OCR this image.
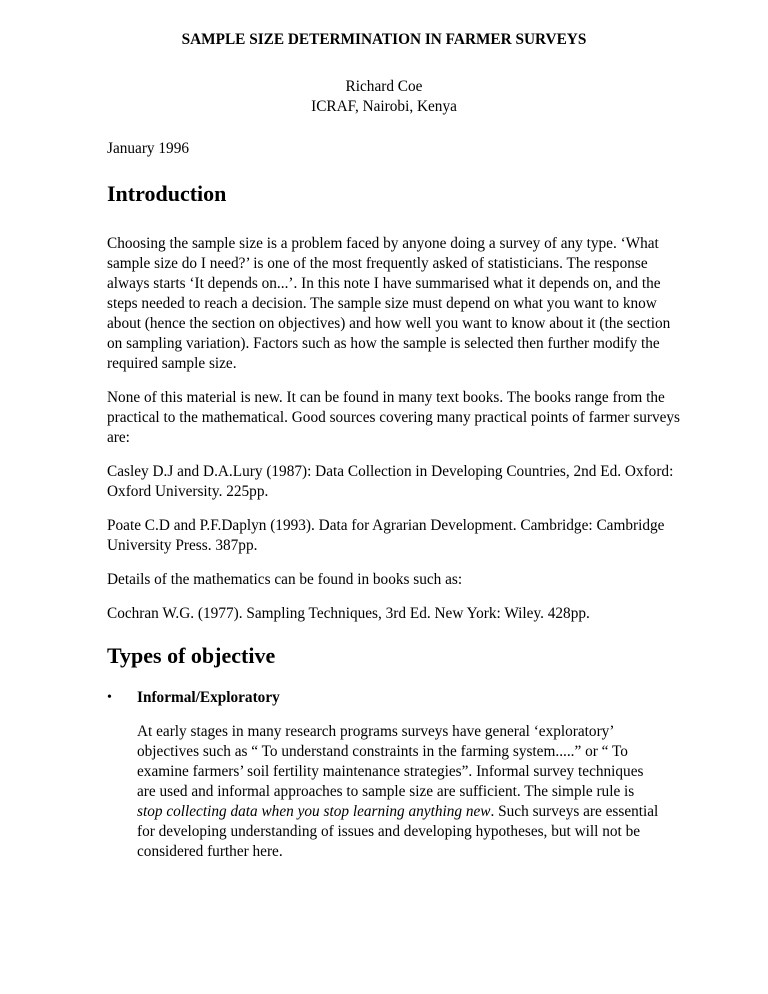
SAMPLE SIZE DETERMINATION IN FARMER SURVEYS
Richard Coe
ICRAF, Nairobi, Kenya
January 1996
Introduction
Choosing the sample size is a problem faced by anyone doing a survey of any type. ‘What
sample size do I need?’ is one of the most frequently asked of statisticians. The response
always starts ‘It depends on...’. In this note I have summarised what it depends on, and the
steps needed to reach a decision. The sample size must depend on what you want to know
about (hence the section on objectives) and how well you want to know about it (the section
on sampling variation). Factors such as how the sample is selected then further modify the
required sample size.
None of this material is new. It can be found in many text books. The books range from the
practical to the mathematical. Good sources covering many practical points of farmer surveys
are:
Casley D.J and D.A.Lury (1987): Data Collection in Developing Countries, 2nd Ed. Oxford:
Oxford University. 225pp.
Poate C.D and P.F.Daplyn (1993). Data for Agrarian Development. Cambridge: Cambridge
University Press. 387pp.
Details of the mathematics can be found in books such as:
Cochran W.G. (1977). Sampling Techniques, 3rd Ed. New York: Wiley. 428pp.
Types of objective
• Informal/Exploratory
At early stages in many research programs surveys have general ‘exploratory’
objectives such as “ To understand constraints in the farming system.....” or “ To
examine farmers’ soil fertility maintenance strategies”. Informal survey techniques
are used and informal approaches to sample size are sufficient. The simple rule is
stop collecting data when you stop learning anything new. Such surveys are essential
for developing understanding of issues and developing hypotheses, but will not be
considered further here.
